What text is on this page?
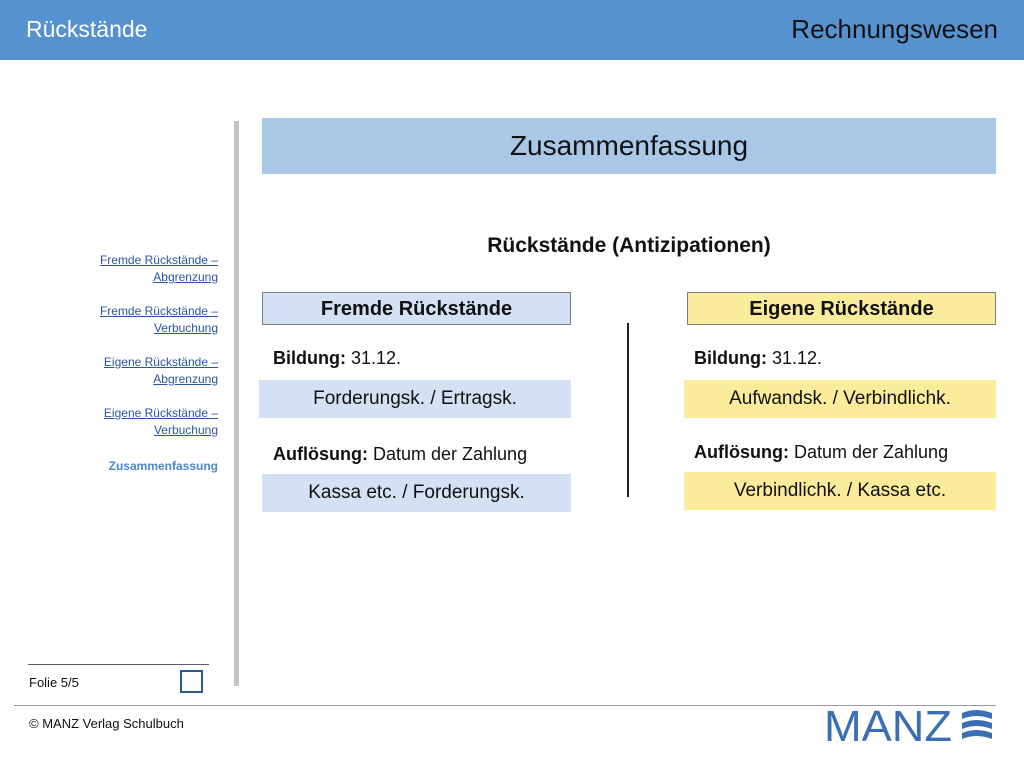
Rückstände	Rechnungswesen
Fremde Rückstände –
Abgrenzung
Fremde Rückstände –
Verbuchung
Eigene Rückstände –
Abgrenzung
Eigene Rückstände –
Verbuchung
Zusammenfassung
Zusammenfassung
Rückstände (Antizipationen)
Fremde Rückstände	Eigene Rückstände
Bildung: 31.12.
Forderungsk. / Ertragsk.
Auflösung: Datum der Zahlung
Kassa etc. / Forderungsk.
Bildung: 31.12.
Aufwandsk. / Verbindlichk.
Auflösung: Datum der Zahlung
Verbindlichk. / Kassa etc.
Folie 5/5
© MANZ Verlag Schulbuch	MANZ
